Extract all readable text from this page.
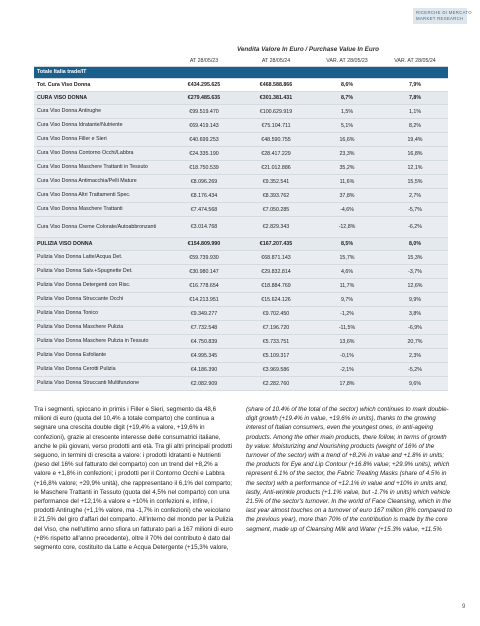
RICERCHE DI MERCATO
MARKET RESEARCH
Vendita Valore In Euro / Purchase Value In Euro
AT 28/05/23	AT 28/05/24	VAR. AT 28/05/23	VAR. AT 28/05/24
Totale Italia trade/IT
Tot. Cura Viso Donna	€434.295.625	€468.588.866	8,6%	7,9%
CURA VISO DONNA	€279.485.635	€301.381.431	8,7%	7,8%
Cura Viso Donna Antirughe	€99.519.470	€100.629.919	1,5%	1,1%
Cura Viso Donna Idratante/Nutriente	€69.419.143	€75.104.711	5,1%	8,2%
Cura Viso Donna Filler e Sieri	€40.699.253	€48.590.755	16,6%	19,4%
Cura Viso Donna Contorno Occhi/Labbra	€24.335.190	€28.417.229	23,3%	16,8%
Cura Viso Donna Maschere Trattanti in Tessuto	€18.750.539	€21.012.886	35,2%	12,1%
Cura Viso Donna Antimacchia/Pelli Mature	€8.096.269	€9.352.541	11,6%	15,5%
Cura Viso Donna Altri Trattamenti Spec.	€8.176.434	€8.393.762	37,8%	2,7%
Cura Viso Donna Maschere Trattanti	€7.474.568	€7.050.285	-4,6%	-5,7%
Cura Viso Donna Creme Colorate/Autoabbronzanti	€3.014.768	€2.829.343	-12,8%	-6,2%
PULIZIA VISO DONNA	€154.809.990	€167.207.435	8,5%	8,0%
Pulizia Viso Donna Latte/Acqua Det.	€59.739.930	€68.871.143	15,7%	15,3%
Pulizia Viso Donna Salv.+Spugnette Det.	€30.980.147	€29.832.814	4,6%	-3,7%
Pulizia Viso Donna Detergenti con Risc.	€16.778.654	€18.884.769	11,7%	12,6%
Pulizia Viso Donna Struccante Occhi	€14.213.951	€15.624.126	9,7%	9,9%
Pulizia Viso Donna Tonico	€9.349.277	€9.702.450	-1,2%	3,8%
Pulizia Viso Donna Maschere Pulizia	€7.732.548	€7.196.720	-11,5%	-6,9%
Pulizia Viso Donna Maschere Pulizia in Tessuto	€4.750.839	€5.733.751	13,6%	20,7%
Pulizia Viso Donna Esfoliante	€4.995.345	€5.109.317	-0,1%	2,3%
Pulizia Viso Donna Cerotti Pulizia	€4.186.390	€3.969.586	-2,1%	-5,2%
Pulizia Viso Donna Struccanti Multifunzione	€2.082.909	€2.282.760	17,8%	9,6%
Tra i segmenti, spiccano in primis i Filler e Sieri, segmento da 48,6 milioni di euro (quota del 10,4% a totale comparto) che continua a segnare una crescita double digit (+19,4% a valore, +19,6% in confezioni), grazie al crescente interesse delle consumatrici italiane, anche le più giovani, verso prodotti anti età. Tra gli altri principali prodotti seguono, in termini di crescita a valore: i prodotti Idratanti e Nutrienti (peso del 16% sul fatturato del comparto) con un trend del +8,2% a valore e +1,8% in confezioni; i prodotti per il Contorno Occhi e Labbra (+16,8% valore; +29,9% unità), che rappresentano il 6,1% del comparto; le Maschere Trattanti in Tessuto (quota del 4,5% nel comparto) con una performance del +12,1% a valore e +10% in confezioni e, infine, i prodotti Antirughe (+1,1% valore, ma -1,7% in confezioni) che veicolano il 21,5% del giro d'affari del comparto. All'interno del mondo per la Pulizia del Viso, che nell'ultimo anno sfiora un fatturato pari a 167 milioni di euro (+8% rispetto all'anno precedente), oltre il 70% del contributo è dato dal segmento core, costituito da Latte e Acqua Detergente (+15,3% valore,
(share of 10.4% of the total of the sector) which continues to mark double-digit growth (+19.4% in value, +19.6% in units), thanks to the growing interest of Italian consumers, even the youngest ones, in anti-ageing products. Among the other main products, there follow, in terms of growth by value: Moisturizing and Nourishing products (weight of 16% of the turnover of the sector) with a trend of +8.2% in value and +1.8% in units; the products for Eye and Lip Contour (+16.8% value; +29.9% units), which represent 6.1% of the sector, the Fabric Treating Masks (share of 4.5% in the sector) with a performance of +12.1% in value and +10% in units and, lastly, Anti-wrinkle products (+1.1% value, but -1.7% in units) which vehicle 21.5% of the sector's turnover. In the world of Face Cleansing, which in the last year almost touches on a turnover of euro 167 million (8% compared to the previous year), more than 70% of the contribution is made by the core segment, made up of Cleansing Milk and Water (+15.3% value, +11.5%
9
